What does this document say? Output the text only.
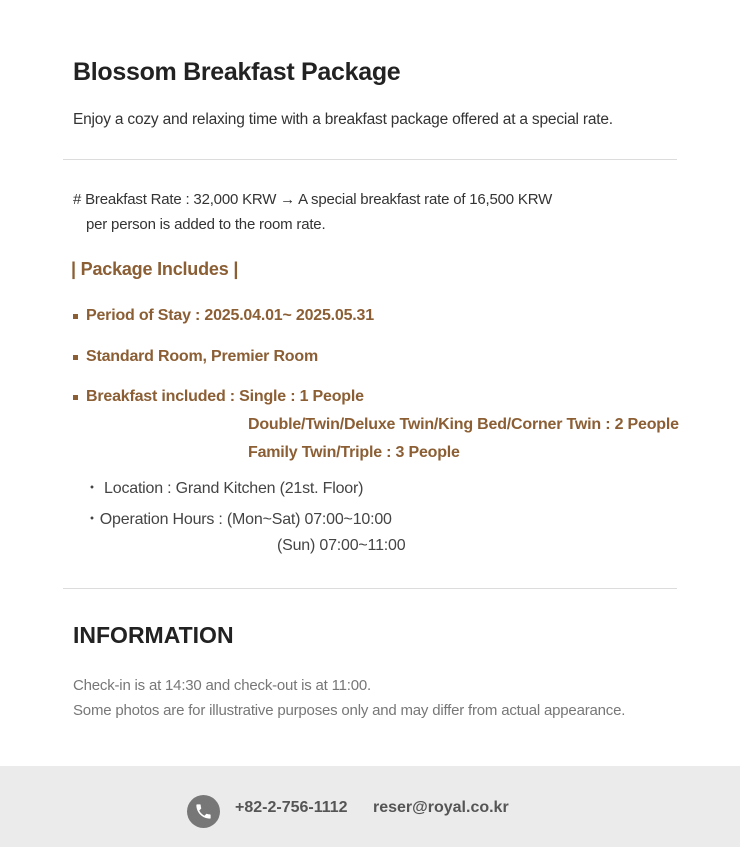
Blossom Breakfast Package
Enjoy a cozy and relaxing time with a breakfast package offered at a special rate.
# Breakfast Rate : 32,000 KRW → A special breakfast rate of 16,500 KRW
per person is added to the room rate.
| Package Includes |
Period of Stay : 2025.04.01~ 2025.05.31
Standard Room, Premier Room
Breakfast included : Single : 1 People
Double/Twin/Deluxe Twin/King Bed/Corner Twin : 2 People
Family Twin/Triple : 3 People
・ Location : Grand Kitchen (21st. Floor)
・Operation Hours : (Mon~Sat) 07:00~10:00
(Sun) 07:00~11:00
INFORMATION
Check-in is at 14:30 and check-out is at 11:00.
Some photos are for illustrative purposes only and may differ from actual appearance.
+82-2-756-1112 reser@royal.co.kr
